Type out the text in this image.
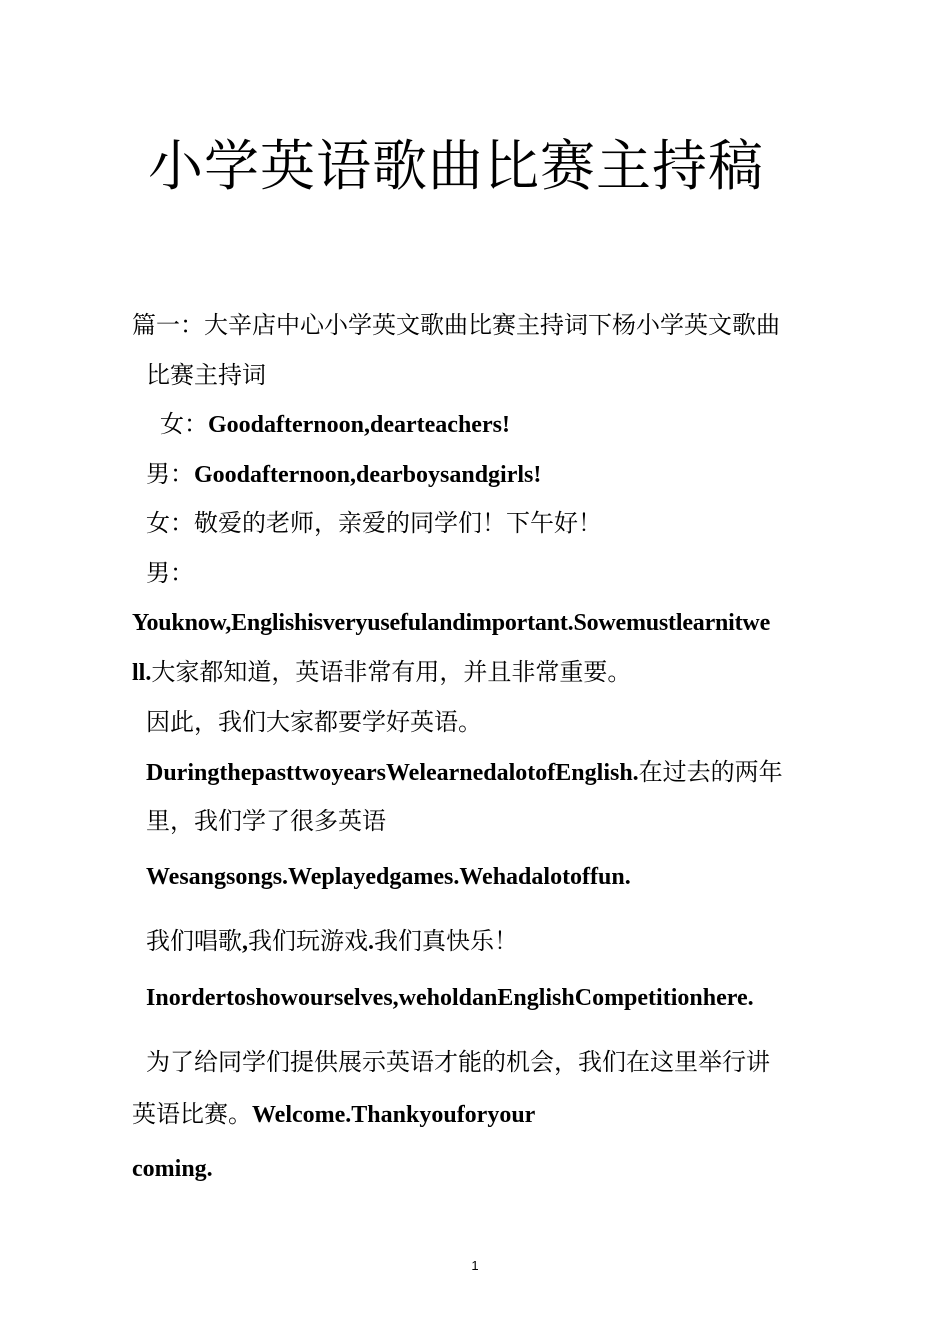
小学英语歌曲比赛主持稿
篇一：大辛店中心小学英文歌曲比赛主持词下杨小学英文歌曲
比赛主持词
女：Goodafternoon,dearteachers!
男：Goodafternoon,dearboysandgirls!
女：敬爱的老师，亲爱的同学们！下午好！
男：
Youknow,Englishisveryusefulandimportant.Sowemustlearnitwe
ll.大家都知道，英语非常有用，并且非常重要。
因此，我们大家都要学好英语。
DuringthepasttwoyearsWelearnedalotofEnglish.在过去的两年
里，我们学了很多英语
Wesangsongs.Weplayedgames.Wehadalotoffun.
我们唱歌,我们玩游戏.我们真快乐！
Inordertoshowourselves,weholdanEnglishCompetitionhere.
为了给同学们提供展示英语才能的机会，我们在这里举行讲
英语比赛。Welcome.Thankyouforyour
coming.
1
